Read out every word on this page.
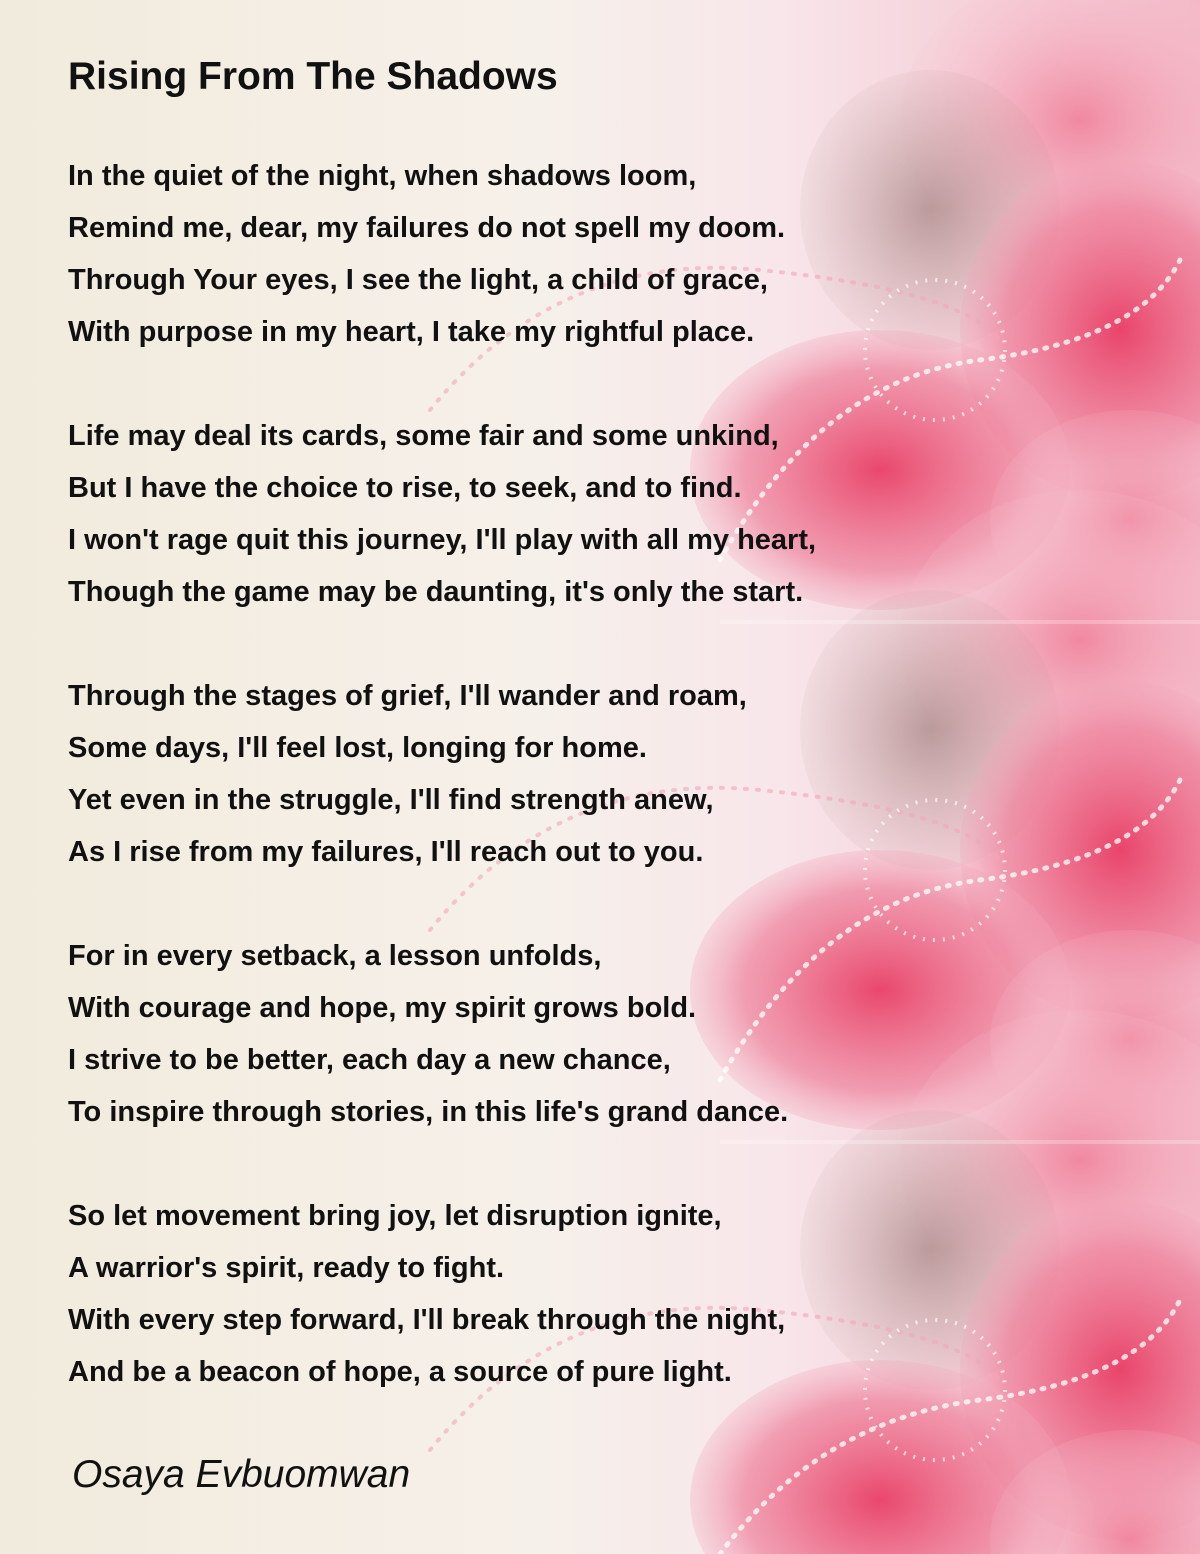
Rising From The Shadows
In the quiet of the night, when shadows loom,
Remind me, dear, my failures do not spell my doom.
Through Your eyes, I see the light, a child of grace,
With purpose in my heart, I take my rightful place.
Life may deal its cards, some fair and some unkind,
But I have the choice to rise, to seek, and to find.
I won't rage quit this journey, I'll play with all my heart,
Though the game may be daunting, it's only the start.
Through the stages of grief, I'll wander and roam,
Some days, I'll feel lost, longing for home.
Yet even in the struggle, I'll find strength anew,
As I rise from my failures, I'll reach out to you.
For in every setback, a lesson unfolds,
With courage and hope, my spirit grows bold.
I strive to be better, each day a new chance,
To inspire through stories, in this life's grand dance.
So let movement bring joy, let disruption ignite,
A warrior's spirit, ready to fight.
With every step forward, I'll break through the night,
And be a beacon of hope, a source of pure light.

Osaya Evbuomwan
